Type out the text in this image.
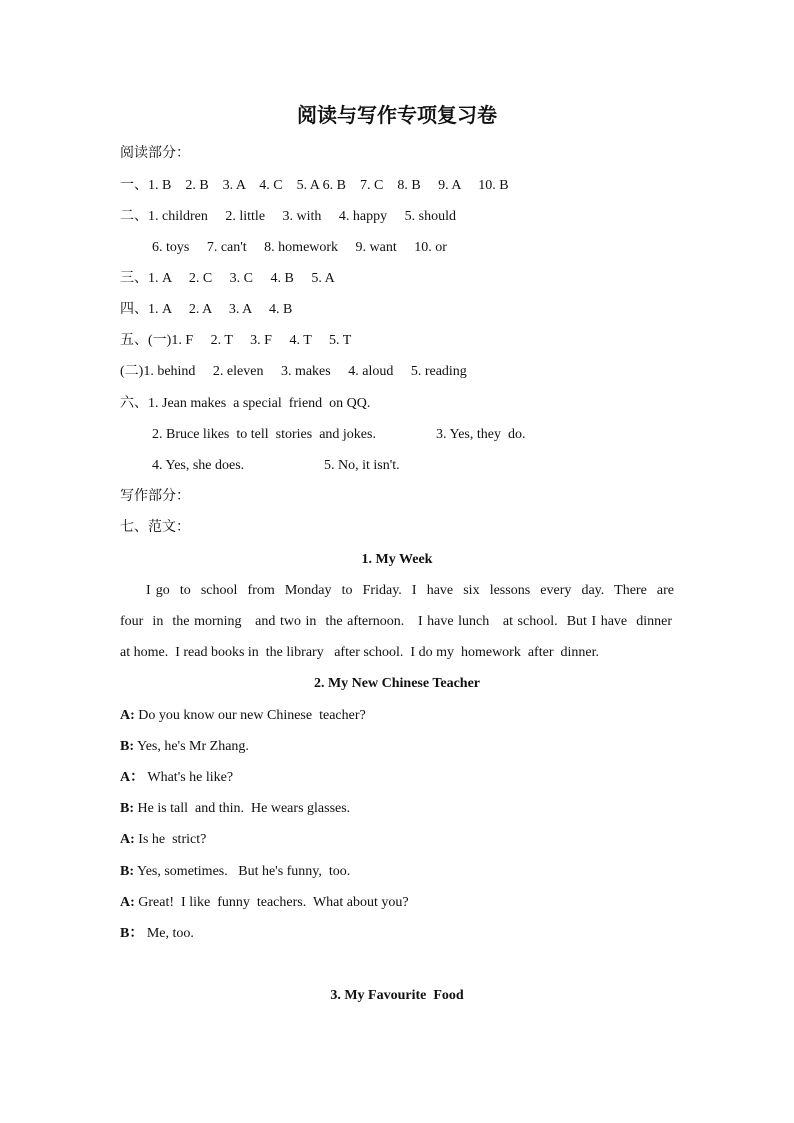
阅读与写作专项复习卷
阅读部分：
一、1. B    2. B    3. A    4. C    5. A 6. B    7. C    8. B     9. A     10. B
二、1. children     2. little     3. with     4. happy     5. should
6. toys     7. can't     8. homework     9. want     10. or
三、1. A     2. C     3. C     4. B     5. A
四、1. A     2. A     3. A     4. B
五、(一)1. F     2. T     3. F     4. T     5. T
(二)1. behind     2. eleven     3. makes     4. aloud     5. reading
六、1. Jean makes  a special  friend  on QQ.
2. Bruce likes  to tell  stories  and jokes.	3. Yes, they  do.
4. Yes, she does.	5. No, it isn't.
写作部分：
七、范文：
1. My Week
I go  to  school  from  Monday  to  Friday.  I  have  six  lessons  every  day.  There  are
four  in  the morning   and two in  the afternoon.   I have lunch   at school.  But I have  dinner
at home.  I read books in  the library   after school.  I do my  homework  after  dinner.
2. My New Chinese Teacher
A: Do you know our new Chinese  teacher?
B: Yes, he's Mr Zhang.
A： What's he like?
B: He is tall  and thin.  He wears glasses.
A: Is he  strict?
B: Yes, sometimes.   But he's funny,  too.
A: Great!  I like  funny  teachers.  What about you?
B： Me, too.
3. My Favourite  Food
